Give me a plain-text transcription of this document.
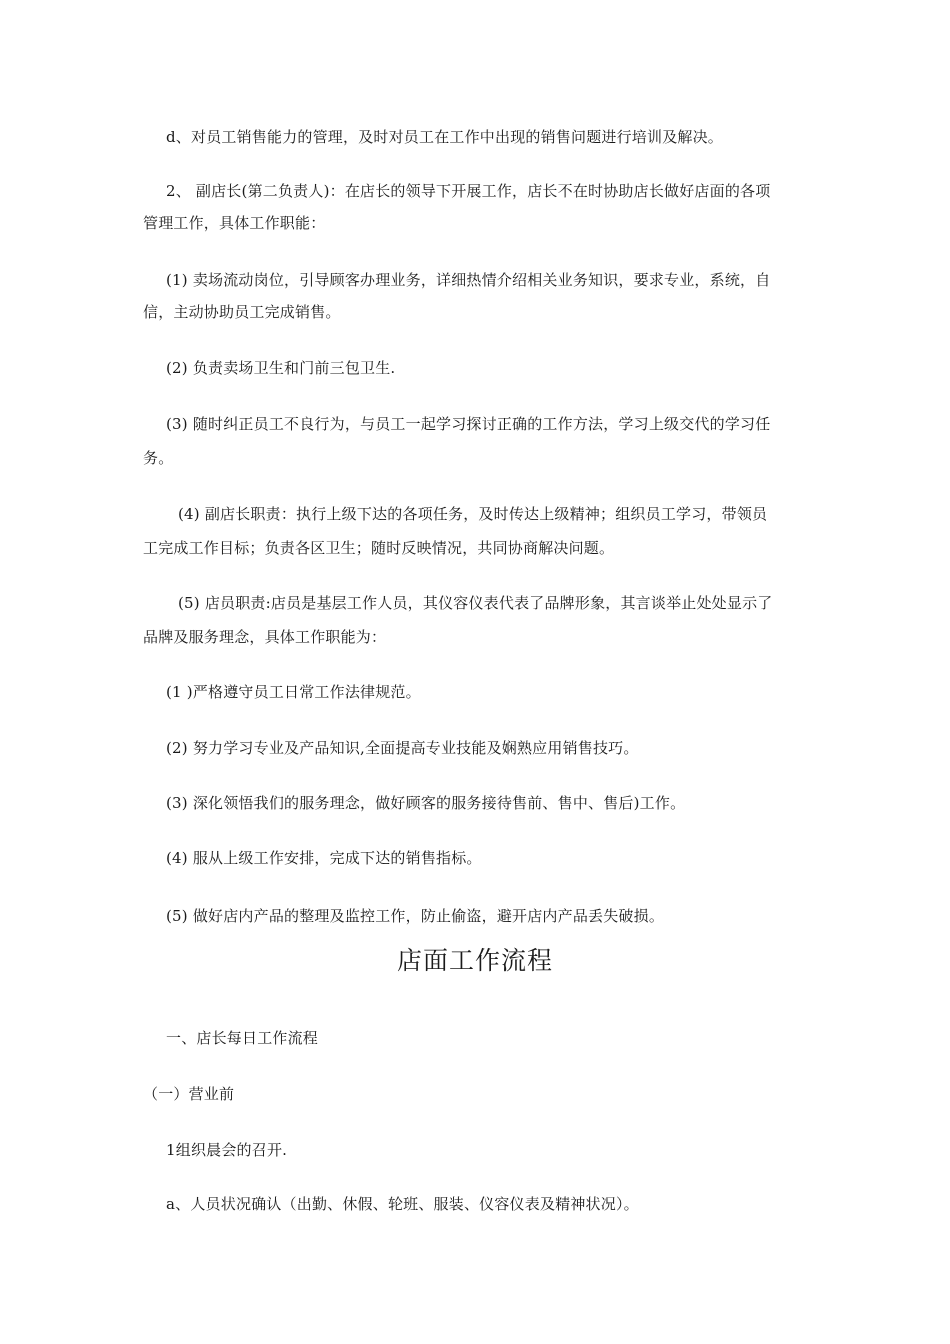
d、对员工销售能力的管理，及时对员工在工作中出现的销售问题进行培训及解决。
2、 副店长(第二负责人)：在店长的领导下开展工作，店长不在时协助店长做好店面的各项
管理工作，具体工作职能：
(1) 卖场流动岗位，引导顾客办理业务，详细热情介绍相关业务知识，要求专业，系统，自
信，主动协助员工完成销售。
(2) 负责卖场卫生和门前三包卫生.
(3) 随时纠正员工不良行为，与员工一起学习探讨正确的工作方法，学习上级交代的学习任
务。
(4) 副店长职责：执行上级下达的各项任务，及时传达上级精神；组织员工学习，带领员
工完成工作目标；负责各区卫生；随时反映情况，共同协商解决问题。
(5) 店员职责:店员是基层工作人员，其仪容仪表代表了品牌形象，其言谈举止处处显示了
品牌及服务理念，具体工作职能为：
(1 )严格遵守员工日常工作法律规范。
(2) 努力学习专业及产品知识,全面提高专业技能及娴熟应用销售技巧。
(3) 深化领悟我们的服务理念，做好顾客的服务接待售前、售中、售后)工作。
(4) 服从上级工作安排，完成下达的销售指标。
(5) 做好店内产品的整理及监控工作，防止偷盗，避开店内产品丢失破损。
店面工作流程
一、店长每日工作流程
（一）营业前
1组织晨会的召开.
a、人员状况确认（出勤、休假、轮班、服装、仪容仪表及精神状况）。
